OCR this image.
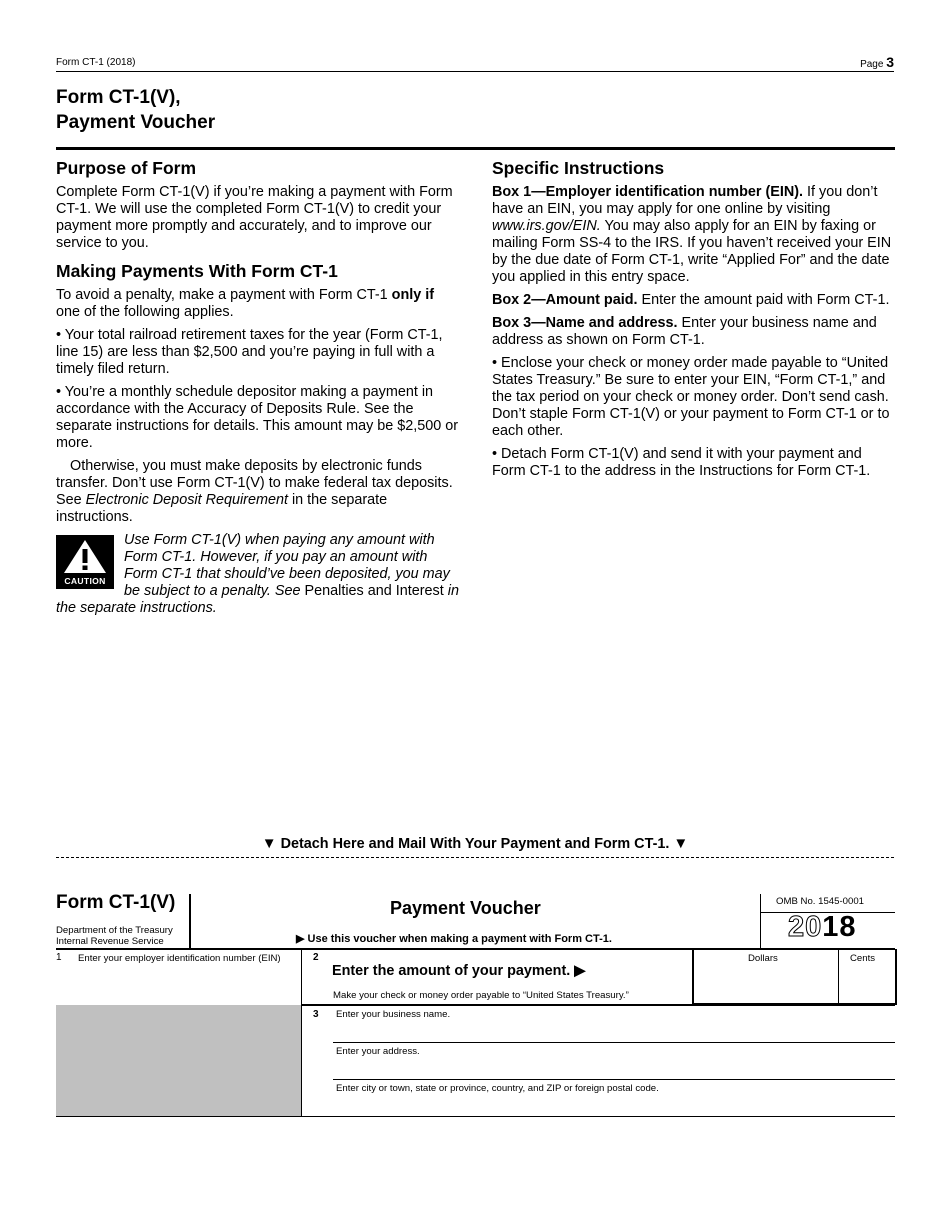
Form CT-1 (2018)	Page 3
Form CT-1(V),
Payment Voucher
Purpose of Form

Complete Form CT-1(V) if you’re making a payment with Form CT-1. We will use the completed Form CT-1(V) to credit your payment more promptly and accurately, and to improve our service to you.

Making Payments With Form CT-1

To avoid a penalty, make a payment with Form CT-1 only if one of the following applies.

• Your total railroad retirement taxes for the year (Form CT-1, line 15) are less than $2,500 and you’re paying in full with a timely filed return.

• You’re a monthly schedule depositor making a payment in accordance with the Accuracy of Deposits Rule. See the separate instructions for details. This amount may be $2,500 or more.

Otherwise, you must make deposits by electronic funds transfer. Don’t use Form CT-1(V) to make federal tax deposits. See Electronic Deposit Requirement in the separate instructions.

CAUTION

Use Form CT-1(V) when paying any amount with Form CT-1. However, if you pay an amount with Form CT-1 that should’ve been deposited, you may be subject to a penalty. See Penalties and Interest in the separate instructions.

Specific Instructions

Box 1—Employer identification number (EIN). If you don’t have an EIN, you may apply for one online by visiting www.irs.gov/EIN. You may also apply for an EIN by faxing or mailing Form SS-4 to the IRS. If you haven’t received your EIN by the due date of Form CT-1, write “Applied For” and the date you applied in this entry space.

Box 2—Amount paid. Enter the amount paid with Form CT-1.

Box 3—Name and address. Enter your business name and address as shown on Form CT-1.

• Enclose your check or money order made payable to “United States Treasury.” Be sure to enter your EIN, “Form CT-1,” and the tax period on your check or money order. Don’t send cash. Don’t staple Form CT-1(V) or your payment to Form CT-1 or to each other.

• Detach Form CT-1(V) and send it with your payment and Form CT-1 to the address in the Instructions for Form CT-1.

▼ Detach Here and Mail With Your Payment and Form CT-1. ▼
Form CT-1(V)
Department of the Treasury
Internal Revenue Service
Payment Voucher
▶ Use this voucher when making a payment with Form CT-1.
OMB No. 1545-0001
2018
1 Enter your employer identification number (EIN)	2
Enter the amount of your payment. ▶
Make your check or money order payable to “United States Treasury.”
Dollars	Cents
3 Enter your business name.
Enter your address.
Enter city or town, state or province, country, and ZIP or foreign postal code.
